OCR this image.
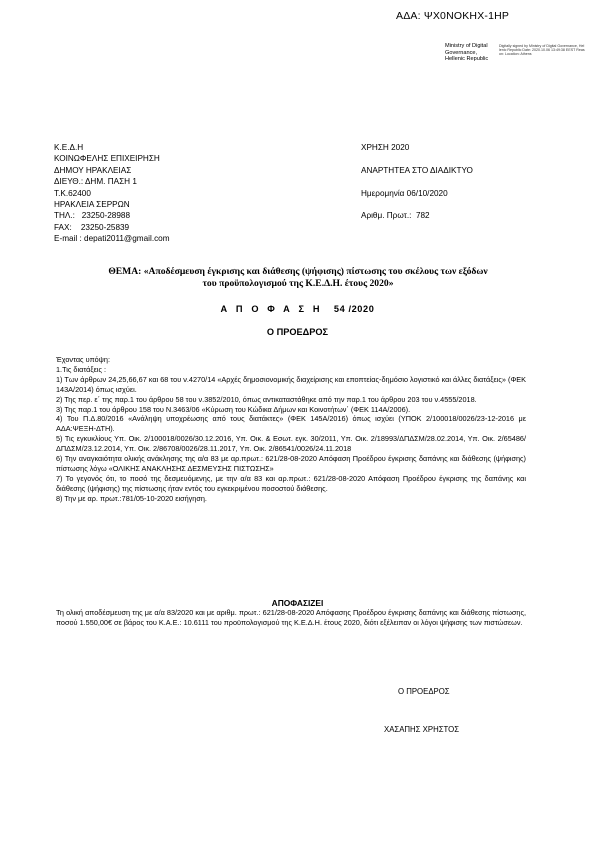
ΑΔΑ: ΨΧ0ΝΟΚΗΧ-1ΗΡ
Ministry of Digital
Governance,
Hellenic Republic
Digitally signed by Ministry of Digital Governance, Hellenic Republic Date: 2020.10.06 13:49:38 EEST Reason: Location: Athens
Κ.Ε.Δ.Η
ΚΟΙΝΩΦΕΛΗΣ ΕΠΙΧΕΙΡΗΣΗ
ΔΗΜΟΥ ΗΡΑΚΛΕΙΑΣ
ΔΙΕΥΘ.: ΔΗΜ. ΠΑΣΗ 1
Τ.Κ.62400
ΗΡΑΚΛΕΙΑ ΣΕΡΡΩΝ
ΤΗΛ.:   23250-28988
FAX:    23250-25839
E-mail : depati2011@gmail.com
ΧΡΗΣΗ 2020
ΑΝΑΡΤΗΤΕΑ ΣΤΟ ΔΙΑΔΙΚΤΥΟ
Ημερομηνία 06/10/2020
Αριθμ. Πρωτ.:  782
ΘΕΜΑ: «Αποδέσμευση έγκρισης και διάθεσης (ψήφισης) πίστωσης του σκέλους των εξόδων
του προϋπολογισμού της Κ.Ε.Δ.Η. έτους 2020»
Α Π Ο Φ Α Σ Η 54 /2020
Ο ΠΡΟΕΔΡΟΣ

Έχοντας υπόψη:

1.Τις διατάξεις :

1) Των άρθρων 24,25,66,67 και 68 του ν.4270/14 «Αρχές δημοσιονομικής διαχείρισης και εποπτείας-δημόσιο λογιστικό και άλλες διατάξεις» (ΦΕΚ 143Α/2014) όπως ισχύει.

2) Της περ. ε΄ της παρ.1 του άρθρου 58 του ν.3852/2010, όπως αντικαταστάθηκε από την παρ.1 του άρθρου 203 του ν.4555/2018.

3) Της παρ.1 του άρθρου 158 του Ν.3463/06 «Κύρωση του Κώδικα Δήμων και Κοινοτήτων΄ (ΦΕΚ 114Α/2006).

4) Του Π.Δ.80/2016 «Ανάληψη υποχρέωσης από τους διατάκτες» (ΦΕΚ 145Α/2016) όπως ισχύει (ΥΠΟΚ 2/100018/0026/23-12-2016 με ΑΔΑ:ΨΕΞΗ-ΔΤΗ).

5) Τις εγκυκλίους Υπ. Οικ. 2/100018/0026/30.12.2016, Υπ. Οικ. & Εσωτ. εγκ. 30/2011, Υπ. Οικ. 2/18993/ΔΠΔΣΜ/28.02.2014, Υπ. Οικ. 2/65486/ΔΠΔΣΜ/23.12.2014, Υπ. Οικ. 2/86708/0026/28.11.2017, Υπ. Οικ. 2/86541/0026/24.11.2018

6) Την αναγκαιότητα ολικής ανάκλησης της α/α 83 με αρ.πρωτ.: 621/28-08-2020 Απόφαση Προέδρου έγκρισης δαπάνης και διάθεσης (ψήφισης) πίστωσης λόγω «ΟΛΙΚΗΣ ΑΝΑΚΛΗΣΗΣ ΔΕΣΜΕΥΣΗΣ ΠΙΣΤΩΣΗΣ»

7) Το γεγονός ότι, το ποσό της δεσμευόμενης, με την α/α 83 και αρ.πρωτ.: 621/28-08-2020 Απόφαση Προέδρου έγκρισης της δαπάνης και διάθεσης (ψήφισης) της πίστωσης ήταν εντός του εγκεκριμένου ποσοστού διάθεσης.

8) Την με αρ. πρωτ.:781/05-10-2020 εισήγηση.

ΑΠΟΦΑΣΙΖΕΙ
Τη ολική αποδέσμευση της με α/α 83/2020 και με αριθμ. πρωτ.: 621/28-08-2020 Απόφασης Προέδρου έγκρισης δαπάνης και διάθεσης πίστωσης, ποσού 1.550,00€ σε βάρος του Κ.Α.Ε.: 10.6111 του προϋπολογισμού της Κ.Ε.Δ.Η. έτους 2020, διότι εξέλειπαν οι λόγοι ψήφισης των πιστώσεων.
Ο ΠΡΟΕΔΡΟΣ
ΧΑΣΑΠΗΣ ΧΡΗΣΤΟΣ
